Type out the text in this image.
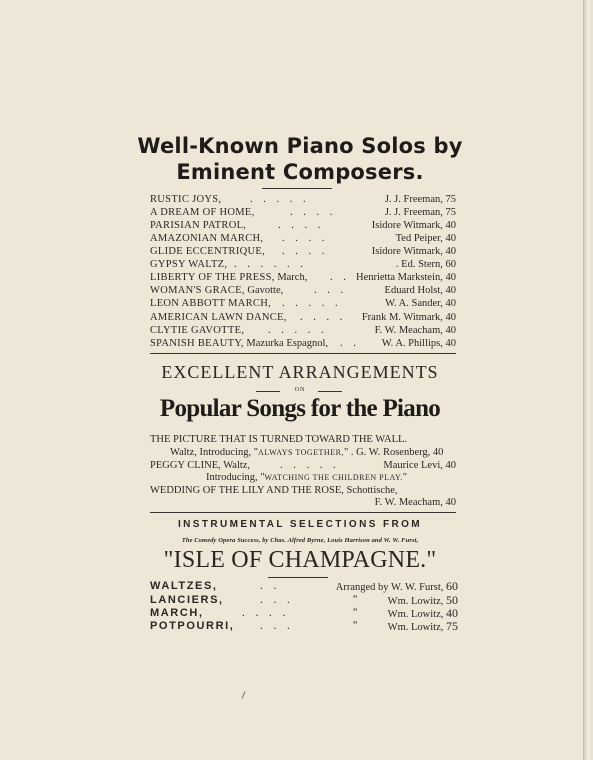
Well-Known Piano Solos by
Eminent Composers.
RUSTIC JOYS,	. . . . .	J. J. Freeman, 75
A DREAM OF HOME,	. . . .	J. J. Freeman, 75
PARISIAN PATROL,	. . . .	Isidore Witmark, 40
AMAZONIAN MARCH, . . . .	Ted Peiper, 40
GLIDE ECCENTRIQUE, . . . .	Isidore Witmark, 40
GYPSY WALTZ, . . . . . .	. Ed. Stern, 60
LIBERTY OF THE PRESS, March, . . Henrietta Markstein, 40
WOMAN'S GRACE, Gavotte,	. . .	Eduard Holst, 40
LEON ABBOTT MARCH, . . . . .	W. A. Sander, 40
AMERICAN LAWN DANCE, . . . . Frank M. Witmark, 40
CLYTIE GAVOTTE, . . . . .	F. W. Meacham, 40
SPANISH BEAUTY, Mazurka Espagnol, . . W. A. Phillips, 40
EXCELLENT ARRANGEMENTS
ON
Popular Songs for the Piano
THE PICTURE THAT IS TURNED TOWARD THE WALL.
Waltz, Introducing, "ALWAYS TOGETHER," . G. W. Rosenberg, 40
PEGGY CLINE, Waltz,	. . . . .	Maurice Levi, 40
Introducing, "WATCHING THE CHILDREN PLAY."
WEDDING OF THE LILY AND THE ROSE, Schottische,
F. W. Meacham, 40
INSTRUMENTAL SELECTIONS FROM
The Comedy Opera Success, by Chas. Alfred Byrne, Louis Harrison and W. W. Furst,
"ISLE OF CHAMPAGNE."
WALTZES,	. .	Arranged by W. W. Furst, 60
LANCIERS,	. . .	“	Wm. Lowitz, 50
MARCH,	. . . .	“	Wm. Lowitz, 40
POTPOURRI, . . .	“	Wm. Lowitz, 75
